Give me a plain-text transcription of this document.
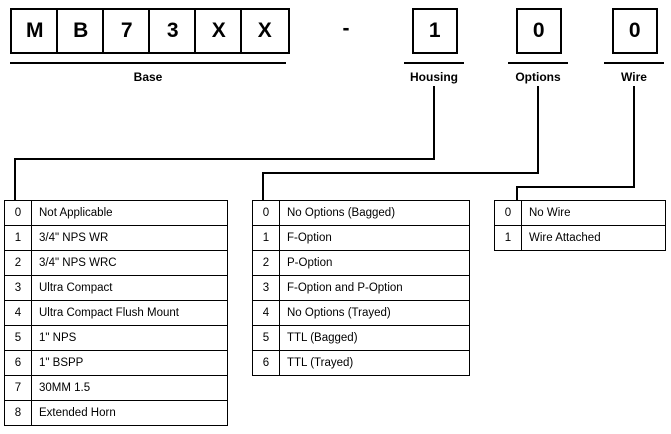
M B 7 3 X X	-	1	0	0
Base	Housing	Options	Wire
0	Not Applicable
1	3/4" NPS WR
2	3/4" NPS WRC
3	Ultra Compact
4	Ultra Compact Flush Mount
5	1" NPS
6	1" BSPP
7	30MM 1.5
8	Extended Horn
0	No Options (Bagged)
1	F-Option
2	P-Option
3	F-Option and P-Option
4	No Options (Trayed)
5	TTL (Bagged)
6	TTL (Trayed)
0	No Wire
1	Wire Attached
